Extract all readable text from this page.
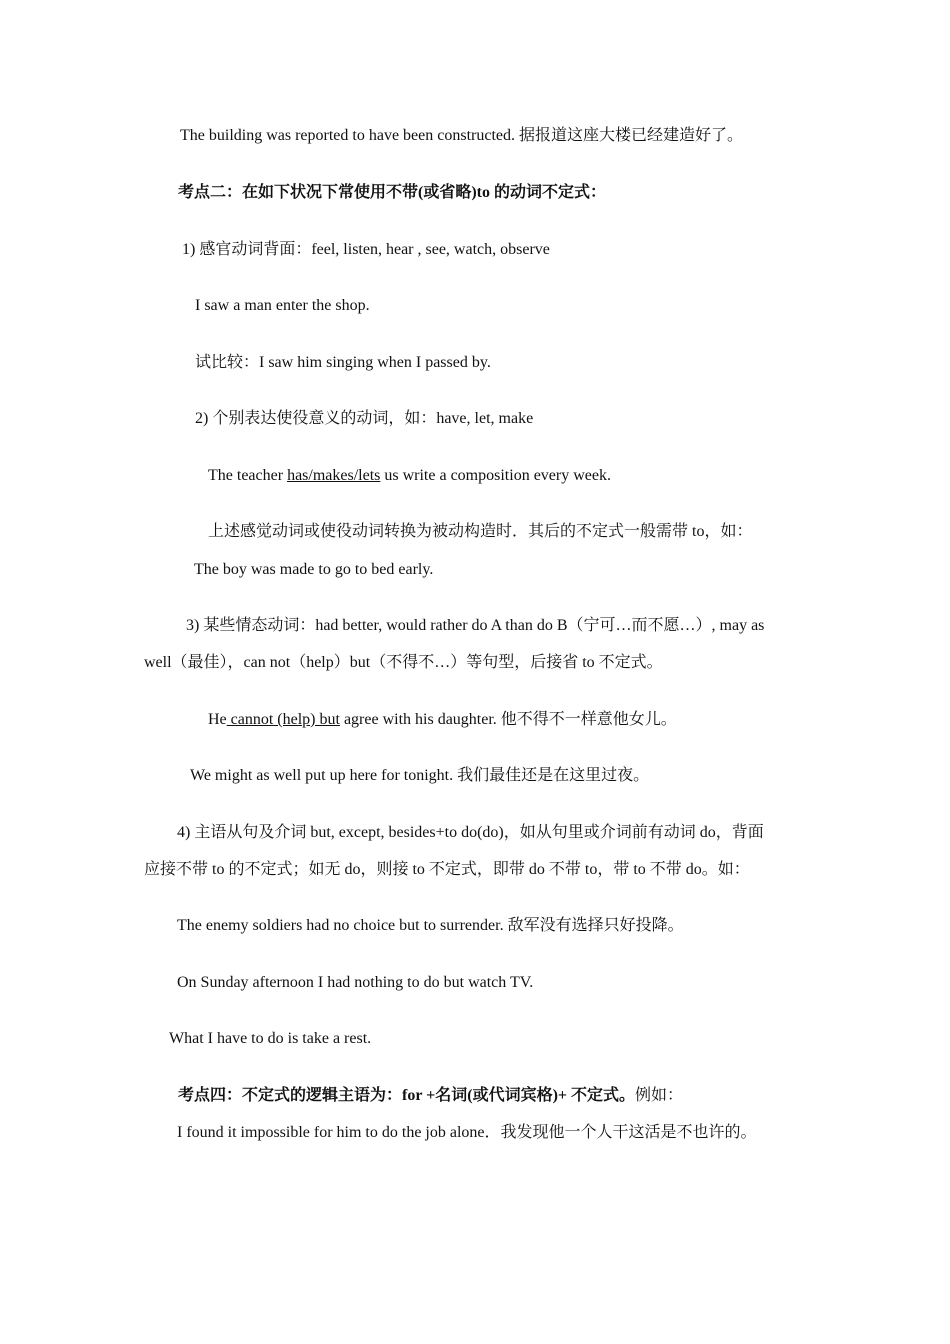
The building was reported to have been constructed. 据报道这座大楼已经建造好了。
考点二：在如下状况下常使用不带(或省略)to 的动词不定式：
1) 感官动词背面：feel, listen, hear , see, watch, observe
I saw a man enter the shop.
试比较：I saw him singing when I passed by.
2) 个别表达使役意义的动词，如：have, let, make
The teacher has/makes/lets us write a composition every week.
上述感觉动词或使役动词转换为被动构造时．其后的不定式一般需带 to，如：
The boy was made to go to bed early.
3) 某些情态动词：had better, would rather do A than do B（宁可…而不愿…）, may as
well（最佳），can not（help）but（不得不…）等句型，后接省 to 不定式。
He cannot (help) but agree with his daughter. 他不得不一样意他女儿。
We might as well put up here for tonight. 我们最佳还是在这里过夜。
4) 主语从句及介词 but, except, besides+to do(do)，如从句里或介词前有动词 do，背面
应接不带 to 的不定式；如无 do，则接 to 不定式，即带 do 不带 to，带 to 不带 do。如：
The enemy soldiers had no choice but to surrender. 敌军没有选择只好投降。
On Sunday afternoon I had nothing to do but watch TV.
What I have to do is take a rest.
考点四：不定式的逻辑主语为：for +名词(或代词宾格)+ 不定式。例如：
I found it impossible for him to do the job alone．我发现他一个人干这活是不也许的。
